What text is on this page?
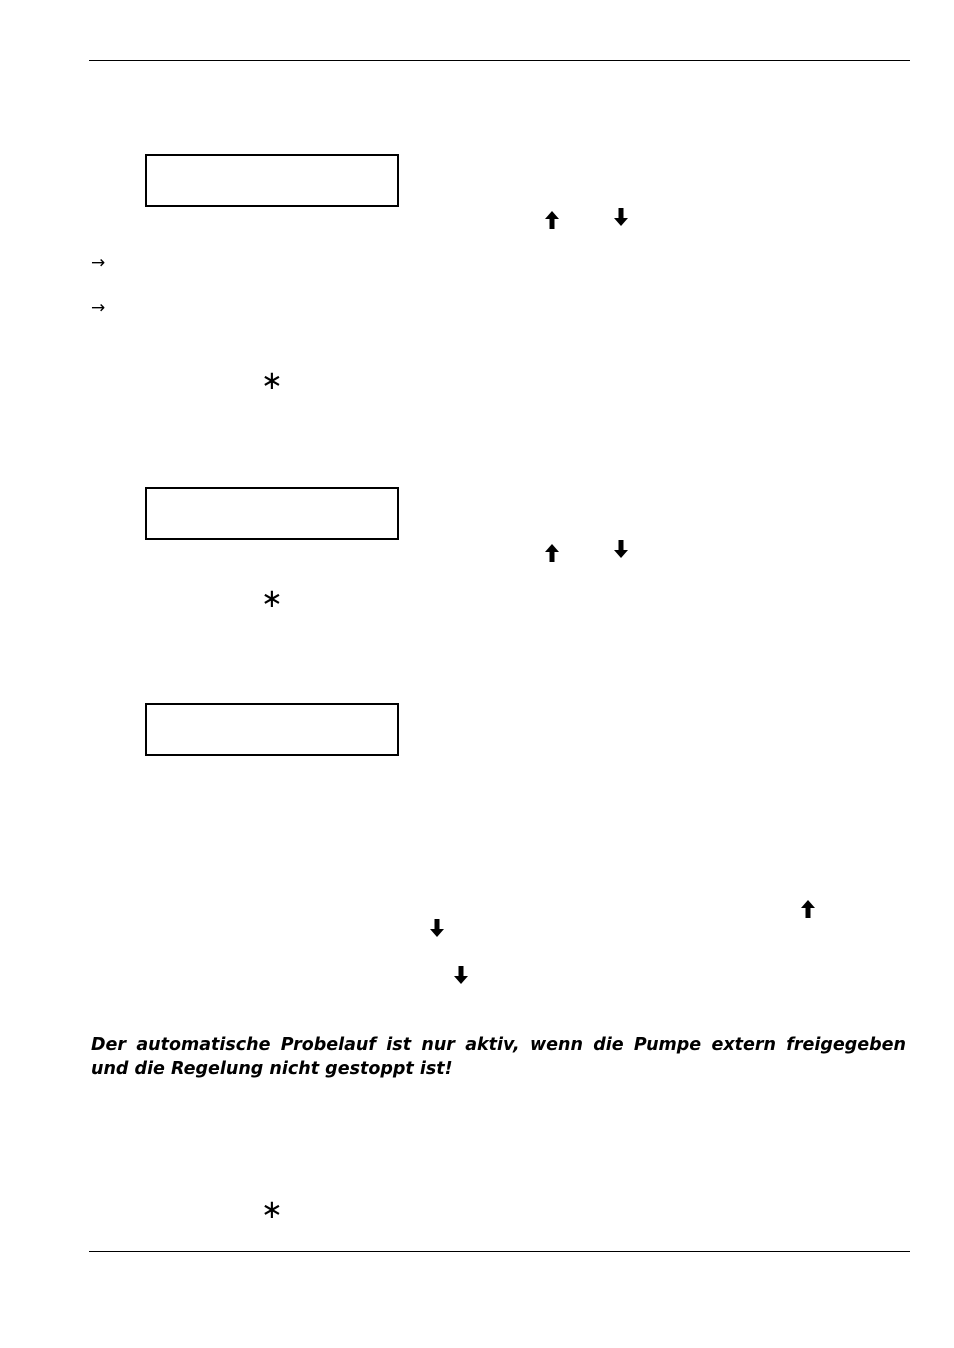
→
→
∗
∗

Der automatische Probelauf ist nur aktiv, wenn die Pumpe extern freigegeben und die Regelung nicht gestoppt ist!

∗
